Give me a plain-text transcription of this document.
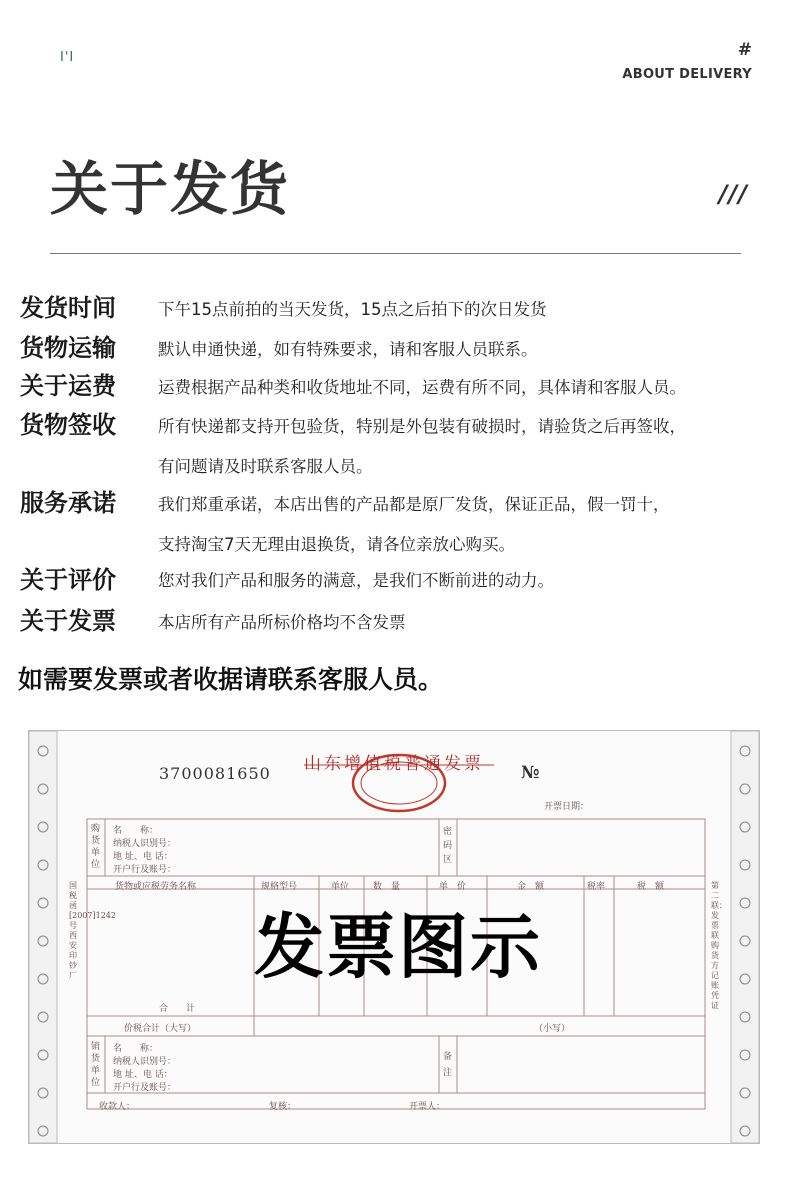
I'I	#
ABOUT DELIVERY
关于发货	///
发货时间	下午15点前拍的当天发货，15点之后拍下的次日发货
货物运输	默认申通快递，如有特殊要求，请和客服人员联系。
关于运费	运费根据产品种类和收货地址不同，运费有所不同，具体请和客服人员。
货物签收	所有快递都支持开包验货，特别是外包装有破损时，请验货之后再签收，
有问题请及时联系客服人员。
服务承诺	我们郑重承诺，本店出售的产品都是原厂发货，保证正品，假一罚十，
支持淘宝7天无理由退换货，请各位亲放心购买。
关于评价	您对我们产品和服务的满意，是我们不断前进的动力。
关于发票	本店所有产品所标价格均不含发票
如需要发票或者收据请联系客服人员。
山东增值税普通发票
3700081650	№
开票日期：
购货单位
名　　称：
纳税人识别号：
地 址、电 话：
开户行及账号：
密码区
货物或应税劳务名称	规格型号	单位	数　量	单　价	金　额	税率	税　额
发票图示
合　　计
价税合计（大写）	（小写）
销货单位
名　　称：
纳税人识别号：
地 址、电 话：
开户行及账号：
备注
收款人：	复核：	开票人：
国税函[2007]1242号西安印钞厂
第二联：发票联 购货方记账凭证
